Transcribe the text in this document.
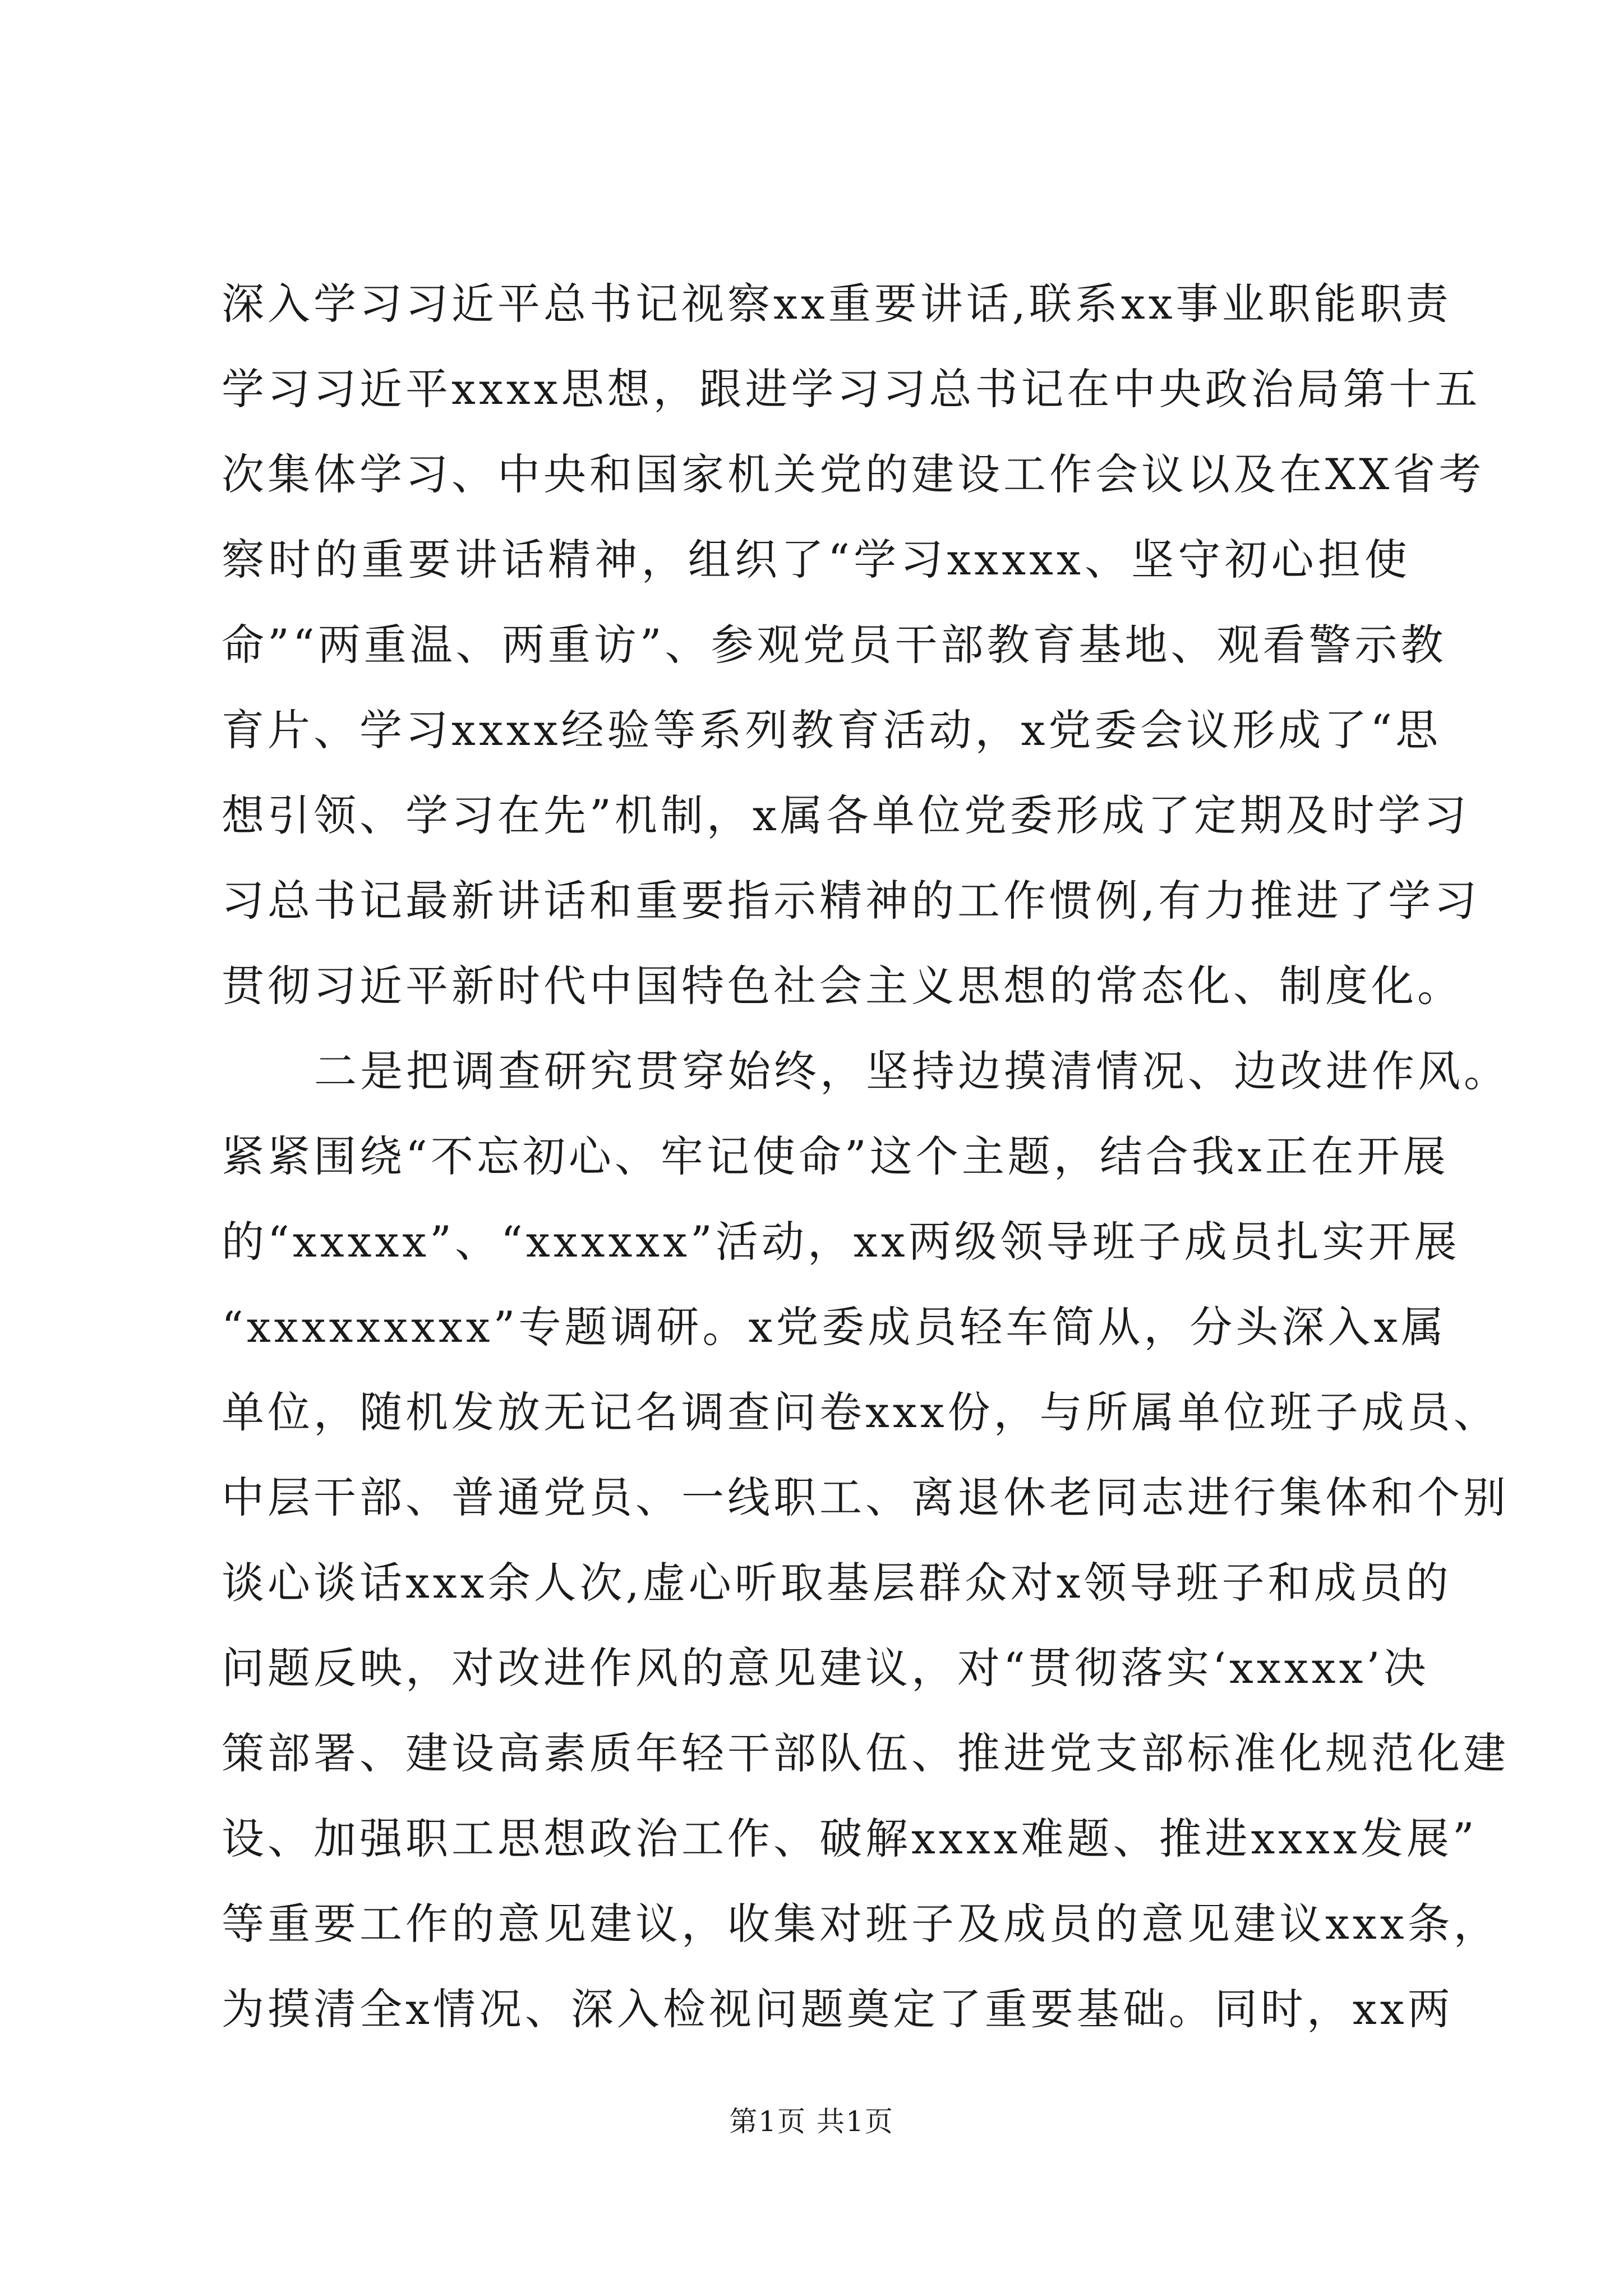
深入学习习近平总书记视察xx重要讲话,联系xx事业职能职责
学习习近平xxxx思想，跟进学习习总书记在中央政治局第十五
次集体学习、中央和国家机关党的建设工作会议以及在XX省考
察时的重要讲话精神，组织了“学习xxxxx、坚守初心担使
命”“两重温、两重访”、参观党员干部教育基地、观看警示教
育片、学习xxxx经验等系列教育活动，x党委会议形成了“思
想引领、学习在先”机制，x属各单位党委形成了定期及时学习
习总书记最新讲话和重要指示精神的工作惯例,有力推进了学习
贯彻习近平新时代中国特色社会主义思想的常态化、制度化。
二是把调查研究贯穿始终，坚持边摸清情况、边改进作风。
紧紧围绕“不忘初心、牢记使命”这个主题，结合我x正在开展
的“xxxxx”、“xxxxxx”活动，xx两级领导班子成员扎实开展
“xxxxxxxxx”专题调研。x党委成员轻车简从，分头深入x属
单位，随机发放无记名调查问卷xxx份，与所属单位班子成员、
中层干部、普通党员、一线职工、离退休老同志进行集体和个别
谈心谈话xxx余人次,虚心听取基层群众对x领导班子和成员的
问题反映，对改进作风的意见建议，对“贯彻落实‘xxxxx’决
策部署、建设高素质年轻干部队伍、推进党支部标准化规范化建
设、加强职工思想政治工作、破解xxxx难题、推进xxxx发展”
等重要工作的意见建议，收集对班子及成员的意见建议xxx条，
为摸清全x情况、深入检视问题奠定了重要基础。同时，xx两
第1页 共1页
